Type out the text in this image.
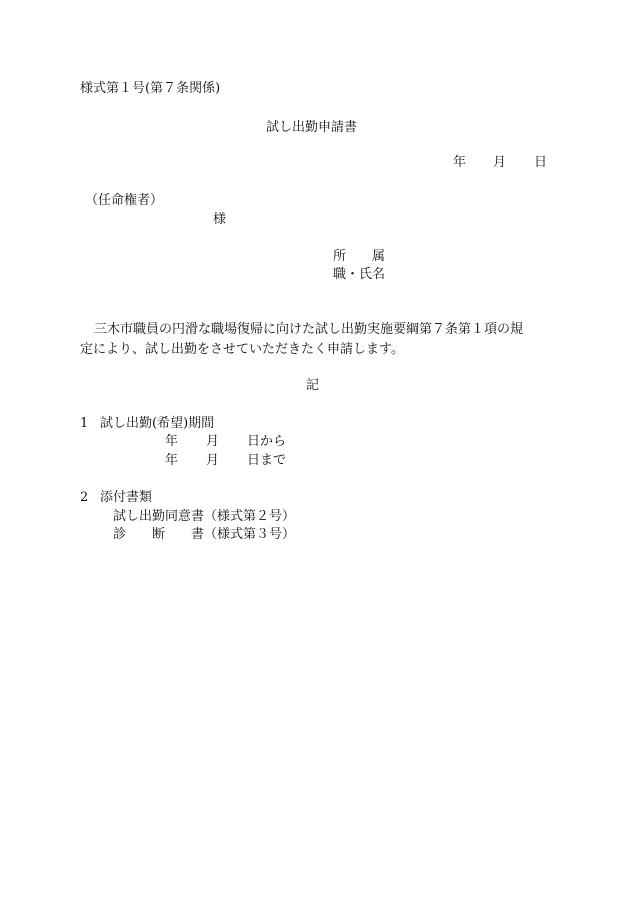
様式第１号(第７条関係)

試し出勤申請書

年 月 日

（任命権者）

様

所　　属

職・氏名

三木市職員の円滑な職場復帰に向けた試し出勤実施要綱第７条第１項の規

定により、試し出勤をさせていただきたく申請します。

記

1 試し出勤(希望)期間

年 月 日から

年 月 日まで

2 添付書類

試し出勤同意書（様式第２号）

診　　断　　書（様式第３号）
